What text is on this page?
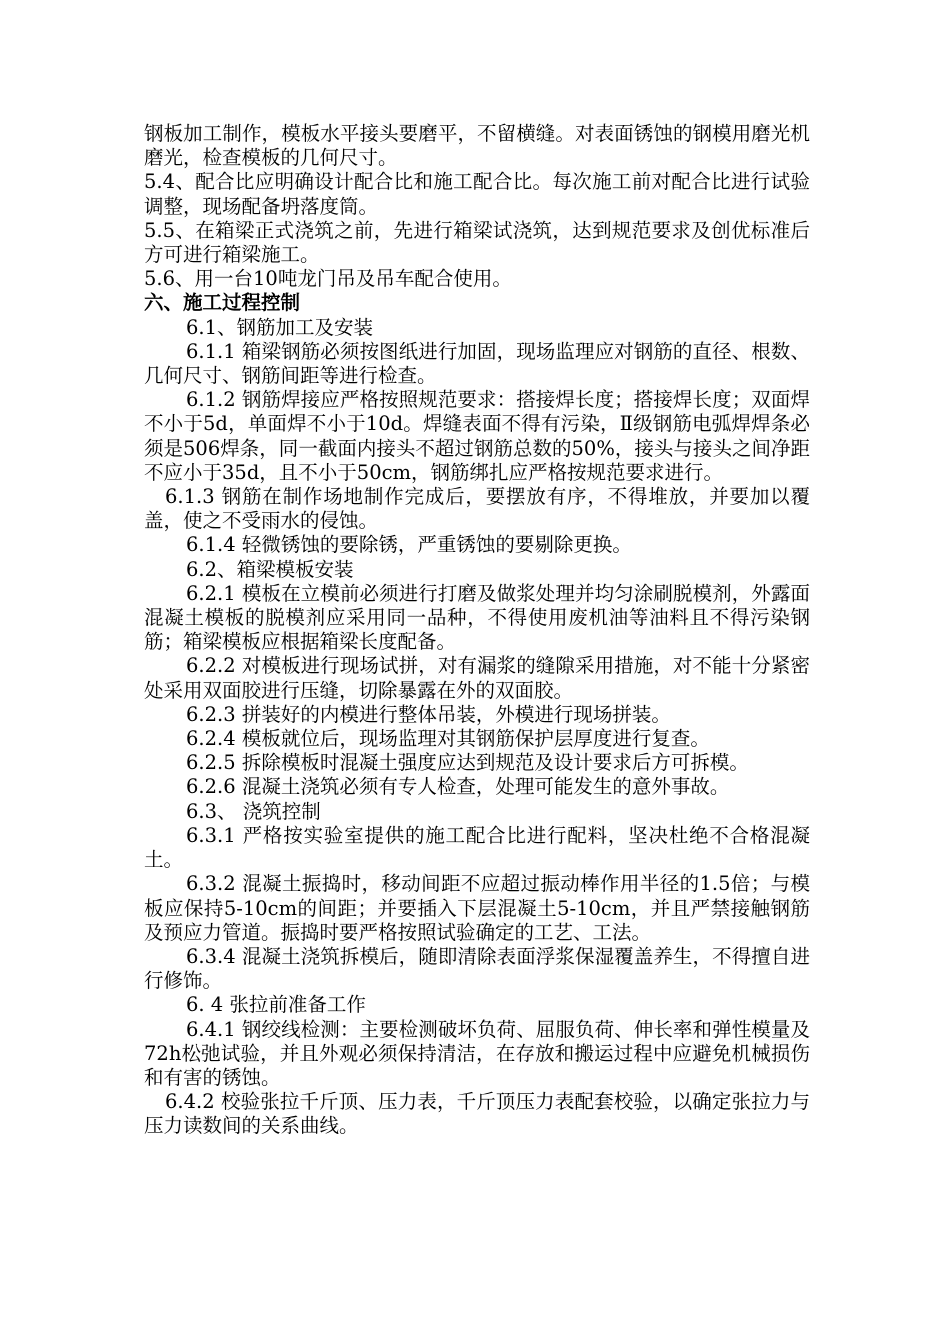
钢板加工制作，模板水平接头要磨平，不留横缝。对表面锈蚀的钢模用磨光机磨光，检查模板的几何尺寸。

5.4、配合比应明确设计配合比和施工配合比。每次施工前对配合比进行试验调整，现场配备坍落度筒。

5.5、在箱梁正式浇筑之前，先进行箱梁试浇筑，达到规范要求及创优标准后方可进行箱梁施工。

5.6、用一台10吨龙门吊及吊车配合使用。

六、施工过程控制

6.1、钢筋加工及安装

6.1.1 箱梁钢筋必须按图纸进行加固，现场监理应对钢筋的直径、根数、几何尺寸、钢筋间距等进行检查。

6.1.2 钢筋焊接应严格按照规范要求：搭接焊长度；搭接焊长度；双面焊不小于5d，单面焊不小于10d。焊缝表面不得有污染，Ⅱ级钢筋电弧焊焊条必须是506焊条，同一截面内接头不超过钢筋总数的50%，接头与接头之间净距不应小于35d，且不小于50cm，钢筋绑扎应严格按规范要求进行。

6.1.3 钢筋在制作场地制作完成后，要摆放有序，不得堆放，并要加以覆盖，使之不受雨水的侵蚀。

6.1.4 轻微锈蚀的要除锈，严重锈蚀的要剔除更换。

6.2、箱梁模板安装

6.2.1 模板在立模前必须进行打磨及做浆处理并均匀涂刷脱模剂，外露面混凝土模板的脱模剂应采用同一品种，不得使用废机油等油料且不得污染钢筋；箱梁模板应根据箱梁长度配备。

6.2.2 对模板进行现场试拼，对有漏浆的缝隙采用措施，对不能十分紧密处采用双面胶进行压缝，切除暴露在外的双面胶。

6.2.3 拼装好的内模进行整体吊装，外模进行现场拼装。

6.2.4 模板就位后，现场监理对其钢筋保护层厚度进行复查。

6.2.5 拆除模板时混凝土强度应达到规范及设计要求后方可拆模。

6.2.6 混凝土浇筑必须有专人检查，处理可能发生的意外事故。

6.3、 浇筑控制

6.3.1 严格按实验室提供的施工配合比进行配料，坚决杜绝不合格混凝土。

6.3.2 混凝土振捣时，移动间距不应超过振动棒作用半径的1.5倍；与模板应保持5-10cm的间距；并要插入下层混凝土5-10cm，并且严禁接触钢筋及预应力管道。振捣时要严格按照试验确定的工艺、工法。

6.3.4 混凝土浇筑拆模后，随即清除表面浮浆保湿覆盖养生，不得擅自进行修饰。

6. 4 张拉前准备工作

6.4.1 钢绞线检测：主要检测破坏负荷、屈服负荷、伸长率和弹性模量及72h松弛试验，并且外观必须保持清洁，在存放和搬运过程中应避免机械损伤和有害的锈蚀。

6.4.2 校验张拉千斤顶、压力表，千斤顶压力表配套校验，以确定张拉力与压力读数间的关系曲线。
